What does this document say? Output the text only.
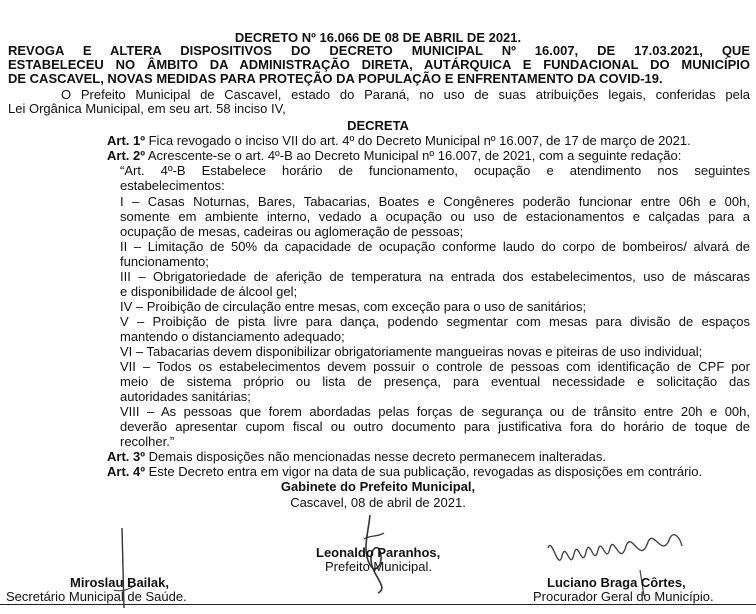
DECRETO Nº 16.066 DE 08 DE ABRIL DE 2021.
REVOGA E ALTERA DISPOSITIVOS DO DECRETO MUNICIPAL Nº 16.007, DE 17.03.2021, QUE
ESTABELECEU NO ÂMBITO DA ADMINISTRAÇÃO DIRETA, AUTÁRQUICA E FUNDACIONAL DO MUNICÍPIO
DE CASCAVEL, NOVAS MEDIDAS PARA PROTEÇÃO DA POPULAÇÃO E ENFRENTAMENTO DA COVID-19.
O Prefeito Municipal de Cascavel, estado do Paraná, no uso de suas atribuições legais, conferidas pela
Lei Orgânica Municipal, em seu art. 58 inciso IV,
DECRETA
Art. 1º Fica revogado o inciso VII do art. 4º do Decreto Municipal nº 16.007, de 17 de março de 2021.
Art. 2º Acrescente-se o art. 4º-B ao Decreto Municipal nº 16.007, de 2021, com a seguinte redação:
“Art. 4º-B Estabelece horário de funcionamento, ocupação e atendimento nos seguintes
estabelecimentos:
I – Casas Noturnas, Bares, Tabacarias, Boates e Congêneres poderão funcionar entre 06h e 00h,
somente em ambiente interno, vedado a ocupação ou uso de estacionamentos e calçadas para a
ocupação de mesas, cadeiras ou aglomeração de pessoas;
II – Limitação de 50% da capacidade de ocupação conforme laudo do corpo de bombeiros/ alvará de
funcionamento;
III – Obrigatoriedade de aferição de temperatura na entrada dos estabelecimentos, uso de máscaras
e disponibilidade de álcool gel;
IV – Proibição de circulação entre mesas, com exceção para o uso de sanitários;
V – Proibição de pista livre para dança, podendo segmentar com mesas para divisão de espaços
mantendo o distanciamento adequado;
VI – Tabacarias devem disponibilizar obrigatoriamente mangueiras novas e piteiras de uso individual;
VII – Todos os estabelecimentos devem possuir o controle de pessoas com identificação de CPF por
meio de sistema próprio ou lista de presença, para eventual necessidade e solicitação das
autoridades sanitárias;
VIII – As pessoas que forem abordadas pelas forças de segurança ou de trânsito entre 20h e 00h,
deverão apresentar cupom fiscal ou outro documento para justificativa fora do horário de toque de
recolher.”
Art. 3º Demais disposições não mencionadas nesse decreto permanecem inalteradas.
Art. 4º Este Decreto entra em vigor na data de sua publicação, revogadas as disposições em contrário.
Gabinete do Prefeito Municipal,
Cascavel, 08 de abril de 2021.
Leonaldo Paranhos,
Prefeito Municipal.
Miroslau Bailak,
Secretário Municipal de Saúde.
Luciano Braga Côrtes,
Procurador Geral do Município.
